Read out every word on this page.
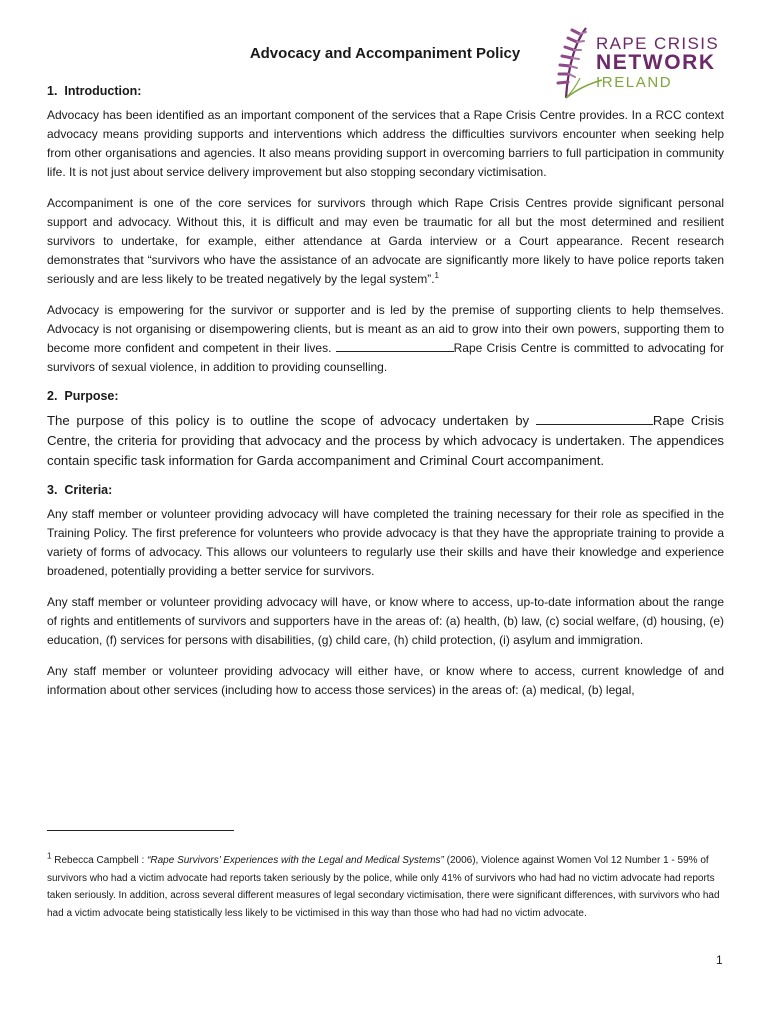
Advocacy and Accompaniment Policy
RAPE CRISIS
NETWORK
IRELAND
1.  Introduction:

Advocacy has been identified as an important component of the services that a Rape Crisis Centre provides. In a RCC context advocacy means providing supports and interventions which address the difficulties survivors encounter when seeking help from other organisations and agencies. It also means providing support in overcoming barriers to full participation in community life. It is not just about service delivery improvement but also stopping secondary victimisation.

Accompaniment is one of the core services for survivors through which Rape Crisis Centres provide significant personal support and advocacy. Without this, it is difficult and may even be traumatic for all but the most determined and resilient survivors to undertake, for example, either attendance at Garda interview or a Court appearance. Recent research demonstrates that “survivors who have the assistance of an advocate are significantly more likely to have police reports taken seriously and are less likely to be treated negatively by the legal system”.$^1$

Advocacy is empowering for the survivor or supporter and is led by the premise of supporting clients to help themselves. Advocacy is not organising or disempowering clients, but is meant as an aid to grow into their own powers, supporting them to become more confident and competent in their lives.	Rape Crisis Centre is committed to advocating for survivors of sexual violence, in addition to providing counselling.

2.  Purpose:

The purpose of this policy is to outline the scope of advocacy undertaken by	Rape Crisis Centre, the criteria for providing that advocacy and the process by which advocacy is undertaken. The appendices contain specific task information for Garda accompaniment and Criminal Court accompaniment.

3.  Criteria:

Any staff member or volunteer providing advocacy will have completed the training necessary for their role as specified in the Training Policy. The first preference for volunteers who provide advocacy is that they have the appropriate training to provide a variety of forms of advocacy. This allows our volunteers to regularly use their skills and have their knowledge and experience broadened, potentially providing a better service for survivors.

Any staff member or volunteer providing advocacy will have, or know where to access, up-to-date information about the range of rights and entitlements of survivors and supporters have in the areas of: (a) health, (b) law, (c) social welfare, (d) housing, (e) education, (f) services for persons with disabilities, (g) child care, (h) child protection, (i) asylum and immigration.

Any staff member or volunteer providing advocacy will either have, or know where to access, current knowledge of and information about other services (including how to access those services) in the areas of: (a) medical, (b) legal,

$^1$ Rebecca Campbell : “Rape Survivors’ Experiences with the Legal and Medical Systems” (2006), Violence against Women Vol 12 Number 1 - 59% of survivors who had a victim advocate had reports taken seriously by the police, while only 41% of survivors who had had no victim advocate had reports taken seriously. In addition, across several different measures of legal secondary victimisation, there were significant differences, with survivors who had had a victim advocate being statistically less likely to be victimised in this way than those who had had no victim advocate.
1
